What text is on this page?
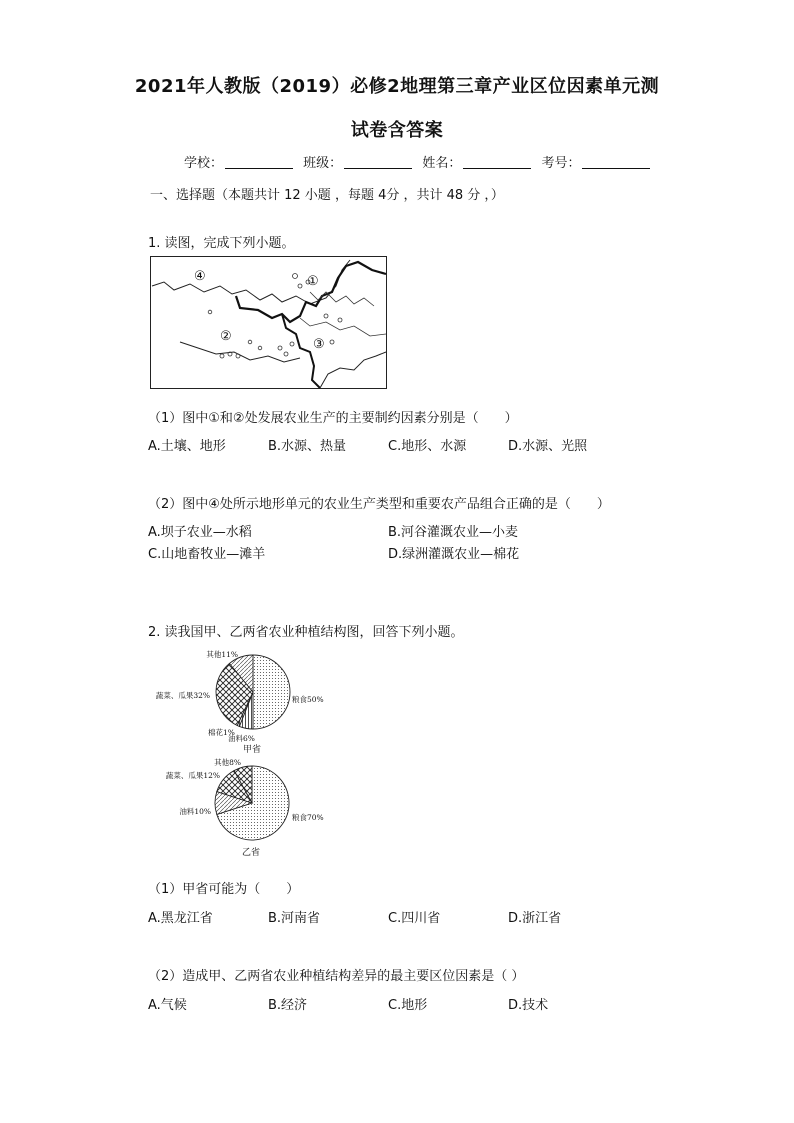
2021年人教版（2019）必修2地理第三章产业区位因素单元测
试卷含答案
学校：	班级：	姓名：	考号：
一、选择题（本题共计 12 小题 ，每题 4分 ，共计 48 分 ，）
1. 读图，完成下列小题。
④
②
①
③
（1）图中①和②处发展农业生产的主要制约因素分别是（　　）
A.土壤、地形	B.水源、热量	C.地形、水源	D.水源、光照
（2）图中④处所示地形单元的农业生产类型和重要农产品组合正确的是（　　）
A.坝子农业—水稻	B.河谷灌溉农业—小麦
C.山地畜牧业—滩羊	D.绿洲灌溉农业—棉花
2. 读我国甲、乙两省农业种植结构图，回答下列小题。
粮食50%
油料6%
棉花1%
蔬菜、瓜果32%
其他11%
甲省
粮食70%
油料10%
蔬菜、瓜果12%
其他8%
乙省
（1）甲省可能为（　　）
A.黑龙江省	B.河南省	C.四川省	D.浙江省
（2）造成甲、乙两省农业种植结构差异的最主要区位因素是（ ）
A.气候	B.经济	C.地形	D.技术
